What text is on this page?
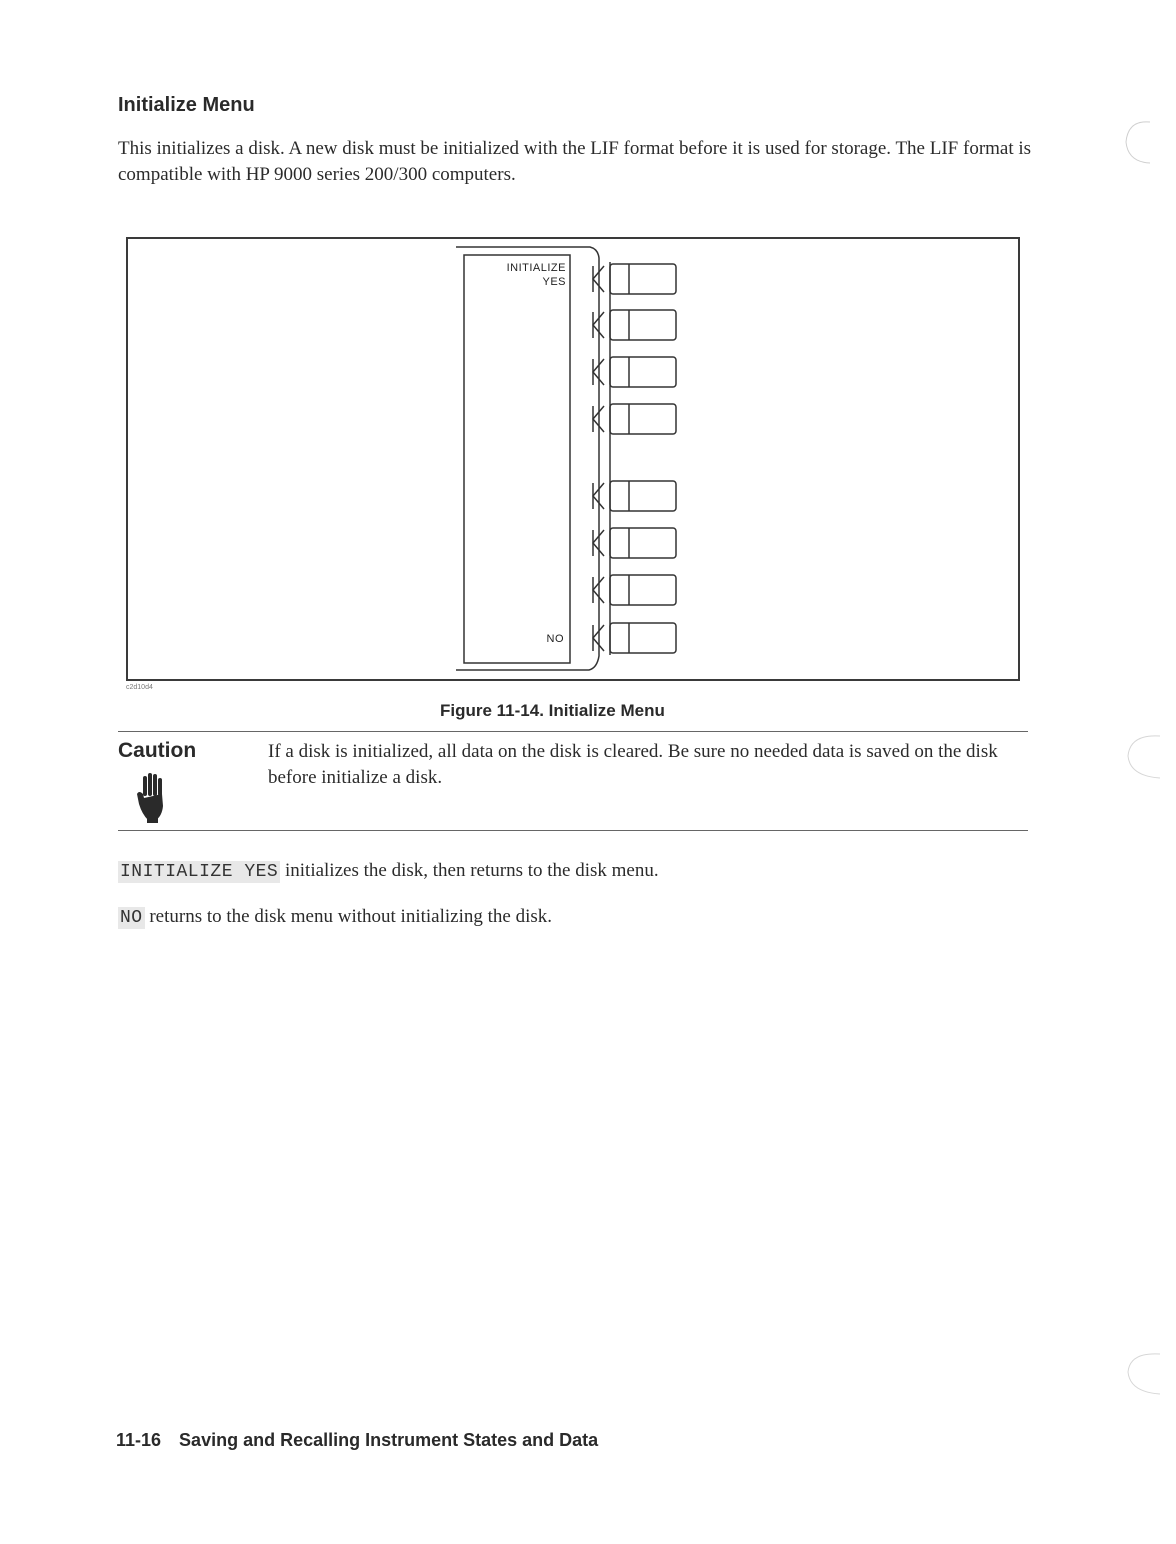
Initialize Menu

This initializes a disk. A new disk must be initialized with the LIF format before it is used for storage. The LIF format is compatible with HP 9000 series 200/300 computers.

c2d10d4
INITIALIZE
YES
NO
Figure 11-14. Initialize Menu
Caution	If a disk is initialized, all data on the disk is cleared. Be sure no needed data is saved on the disk before initialize a disk.

INITIALIZE YES initializes the disk, then returns to the disk menu.

NO returns to the disk menu without initializing the disk.

11-16 Saving and Recalling Instrument States and Data
